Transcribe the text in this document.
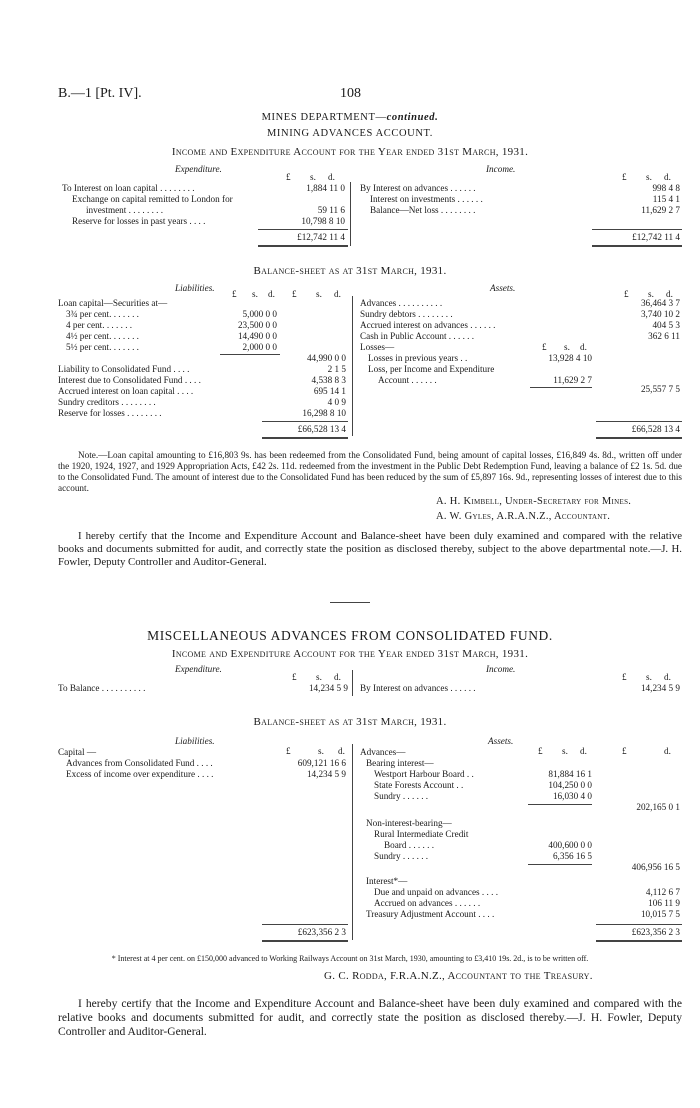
B.—1 [Pt. IV].	108
MINES DEPARTMENT—continued.
MINING ADVANCES ACCOUNT.
Income and Expenditure Account for the Year ended 31st March, 1931.
Expenditure.	Income.
£ s. d.	£ s. d.
To Interest on loan capital . . . . . . . .	1,884 11 0
Exchange on capital remitted to London for
investment . . . . . . . .	59 11 6
Reserve for losses in past years . . . .	10,798 8 10
By Interest on advances . . . . . .	998 4 8
Interest on investments . . . . . .	115 4 1
Balance—Net loss . . . . . . . .	11,629 2 7
£12,742 11 4	£12,742 11 4
Balance-sheet as at 31st March, 1931.
Liabilities.	Assets.
£ s. d. £ s. d.	£ s. d.
Loan capital—Securities at—
3¾ per cent. . . . . . .	5,000 0 0
4 per cent. . . . . . .	23,500 0 0
4½ per cent. . . . . . .	14,490 0 0
5½ per cent. . . . . . .	2,000 0 0
44,990 0 0
Liability to Consolidated Fund . . . .	2 1 5
Interest due to Consolidated Fund . . . .	4,538 8 3
Accrued interest on loan capital . . . .	695 14 1
Sundry creditors . . . . . . . .	4 0 9
Reserve for losses . . . . . . . .	16,298 8 10
Advances . . . . . . . . . .	36,464 3 7
Sundry debtors . . . . . . . .	3,740 10 2
Accrued interest on advances . . . . . .	404 5 3
Cash in Public Account . . . . . .	362 6 11
Losses—	£ s. d.
Losses in previous years . .	13,928 4 10
Loss, per Income and Expenditure
Account . . . . . .	11,629 2 7
25,557 7 5
£66,528 13 4	£66,528 13 4
Note.—Loan capital amounting to £16,803 9s. has been redeemed from the Consolidated Fund, being amount of capital losses, £16,849 4s. 8d., written off under the 1920, 1924, 1927, and 1929 Appropriation Acts, £42 2s. 11d. redeemed from the investment in the Public Debt Redemption Fund, leaving a balance of £2 1s. 5d. due to the Consolidated Fund. The amount of interest due to the Consolidated Fund has been reduced by the sum of £5,897 16s. 9d., representing losses of interest due to this account.
A. H. Kimbell, Under-Secretary for Mines.
A. W. Gyles, A.R.A.N.Z., Accountant.
I hereby certify that the Income and Expenditure Account and Balance-sheet have been duly examined and compared with the relative books and documents submitted for audit, and correctly state the position as disclosed thereby, subject to the above departmental note.—J. H. Fowler, Deputy Controller and Auditor-General.
MISCELLANEOUS ADVANCES FROM CONSOLIDATED FUND.
Income and Expenditure Account for the Year ended 31st March, 1931.
Expenditure.	Income.
£ s. d.	£ s. d.
To Balance . . . . . . . . . .	14,234 5 9 By Interest on advances . . . . . .	14,234 5 9
Balance-sheet as at 31st March, 1931.
Liabilities.	Assets.
£	s. d.	£ s. d.	£	d.
Capital —
Advances from Consolidated Fund . . . .	609,121 16 6
Excess of income over expenditure . . . .	14,234 5 9
Advances—
Bearing interest—
Westport Harbour Board . .	81,884 16 1
State Forests Account . .	104,250 0 0
Sundry . . . . . .	16,030 4 0
202,165 0 1
Non-interest-bearing—
Rural Intermediate Credit
Board . . . . . .	400,600 0 0
Sundry . . . . . .	6,356 16 5
406,956 16 5
Interest*—
Due and unpaid on advances . . . .	4,112 6 7
Accrued on advances . . . . . .	106 11 9
Treasury Adjustment Account . . . .	10,015 7 5
£623,356 2 3	£623,356 2 3
* Interest at 4 per cent. on £150,000 advanced to Working Railways Account on 31st March, 1930, amounting to £3,410 19s. 2d., is to be written off.
G. C. Rodda, F.R.A.N.Z., Accountant to the Treasury.
I hereby certify that the Income and Expenditure Account and Balance-sheet have been duly examined and compared with the relative books and documents submitted for audit, and correctly state the position as disclosed thereby.—J. H. Fowler, Deputy Controller and Auditor-General.
